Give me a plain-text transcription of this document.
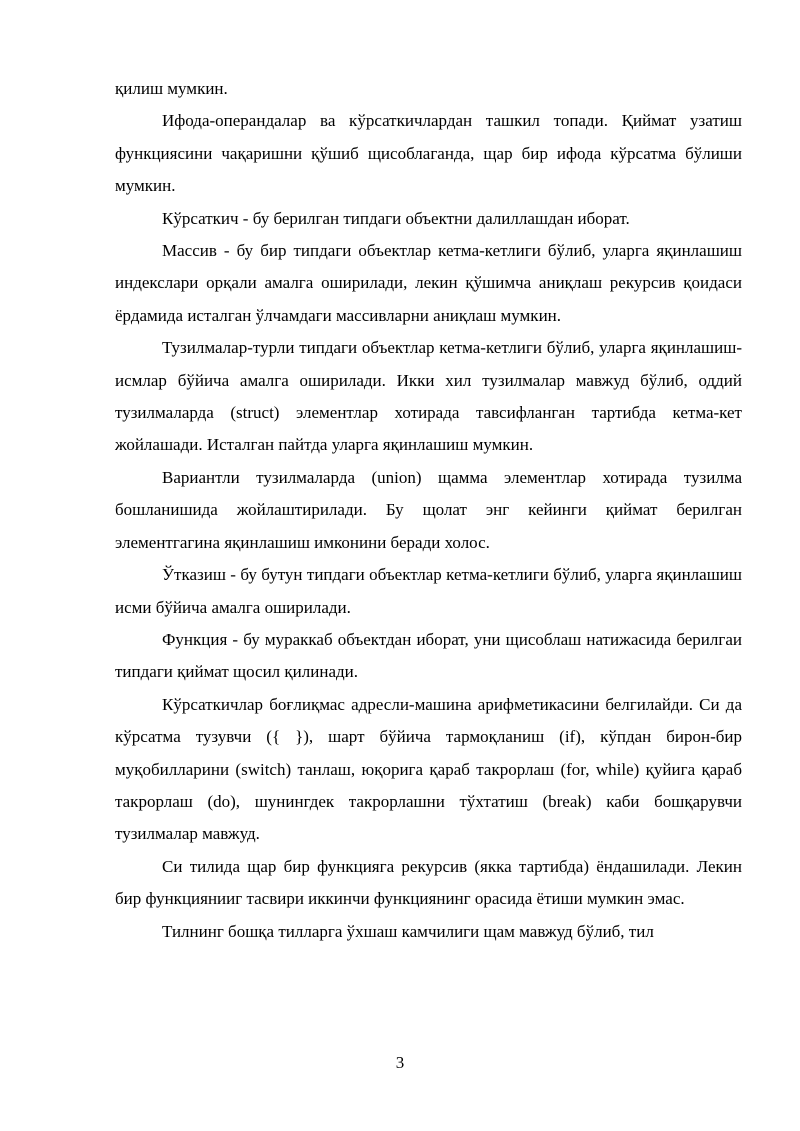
қилиш мумкин.

Ифода-операндалар ва кўрсаткичлардан ташкил топади. Қиймат узатиш функциясини чақаришни қўшиб щисоблаганда, щар бир ифода кўрсатма бўлиши мумкин.

Кўрсаткич - бу берилган типдаги объектни далиллашдан иборат.

Массив - бу бир типдаги объектлар кетма-кетлиги бўлиб, уларга яқинлашиш индекслари орқали амалга оширилади, лекин қўшимча аниқлаш рекурсив қоидаси ёрдамида исталган ўлчамдаги массивларни аниқлаш мумкин.

Тузилмалар-турли типдаги объектлар кетма-кетлиги бўлиб, уларга яқинлашиш-исмлар бўйича амалга оширилади. Икки хил тузилмалар мавжуд бўлиб, оддий тузилмаларда (struct) элементлар хотирада тавсифланган тартибда кетма-кет жойлашади. Исталган пайтда уларга яқинлашиш мумкин.

Вариантли тузилмаларда (union) щамма элементлар хотирада тузилма бошланишида жойлаштирилади. Бу щолат энг кейинги қиймат берилган элементгагина яқинлашиш имконини беради холос.

Ўтказиш - бу бутун типдаги объектлар кетма-кетлиги бўлиб, уларга яқинлашиш исми бўйича амалга оширилади.

Функция - бу мураккаб объектдан иборат, уни щисоблаш натижасида берилгаи типдаги қиймат щосил қилинади.

Кўрсаткичлар боғлиқмас адресли-машина арифметикасини белгилайди. Си да кўрсатма тузувчи ({ }), шарт бўйича тармоқланиш (if), кўпдан бирон-бир муқобилларини (switch) танлаш, юқорига қараб такрорлаш (for, while) қуйига қараб такрорлаш (do), шунингдек такрорлашни тўхтатиш (break) каби бошқарувчи тузилмалар мавжуд.

Си тилида щар бир функцияга рекурсив (якка тартибда) ёндашилади. Лекин бир функциянииг тасвири иккинчи функциянинг орасида ётиши мумкин эмас.

Тилнинг бошқа тилларга ўхшаш камчилиги щам мавжуд бўлиб, тил

3
